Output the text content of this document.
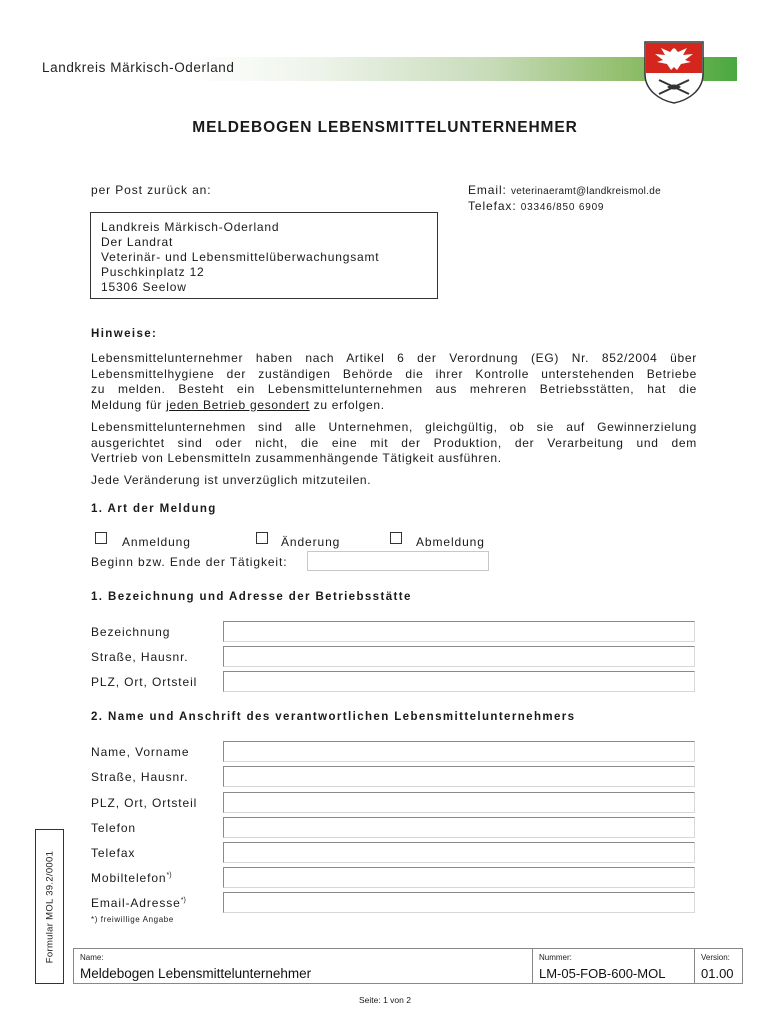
Landkreis Märkisch-Oderland
MELDEBOGEN LEBENSMITTELUNTERNEHMER
per Post zurück an:	Email: veterinaeramt@landkreismol.de
Telefax: 03346/850 6909
Landkreis Märkisch-Oderland
Der Landrat
Veterinär- und Lebensmittelüberwachungsamt
Puschkinplatz 12
15306 Seelow
Hinweise:
Lebensmittelunternehmer haben nach Artikel 6 der Verordnung (EG) Nr. 852/2004 über
Lebensmittelhygiene der zuständigen Behörde die ihrer Kontrolle unterstehenden Betriebe
zu melden. Besteht ein Lebensmittelunternehmen aus mehreren Betriebsstätten, hat die
Meldung für jeden Betrieb gesondert zu erfolgen.
Lebensmittelunternehmen sind alle Unternehmen, gleichgültig, ob sie auf Gewinnerzielung
ausgerichtet sind oder nicht, die eine mit der Produktion, der Verarbeitung und dem
Vertrieb von Lebensmitteln zusammenhängende Tätigkeit ausführen.
Jede Veränderung ist unverzüglich mitzuteilen.
1. Art der Meldung
Anmeldung	Änderung	Abmeldung
Beginn bzw. Ende der Tätigkeit:
1. Bezeichnung und Adresse der Betriebsstätte
Bezeichnung
Straße, Hausnr.
PLZ, Ort, Ortsteil
2. Name und Anschrift des verantwortlichen Lebensmittelunternehmers
Name, Vorname
Straße, Hausnr.
PLZ, Ort, Ortsteil
Telefon
Telefax
Mobiltelefon*)
Email-Adresse*)
*) freiwillige Angabe
Formular MOL 39.2/0001	Name:
Meldebogen Lebensmittelunternehmer
Nummer:
LM-05-FOB-600-MOL
Version:
01.00
Seite: 1 von 2
